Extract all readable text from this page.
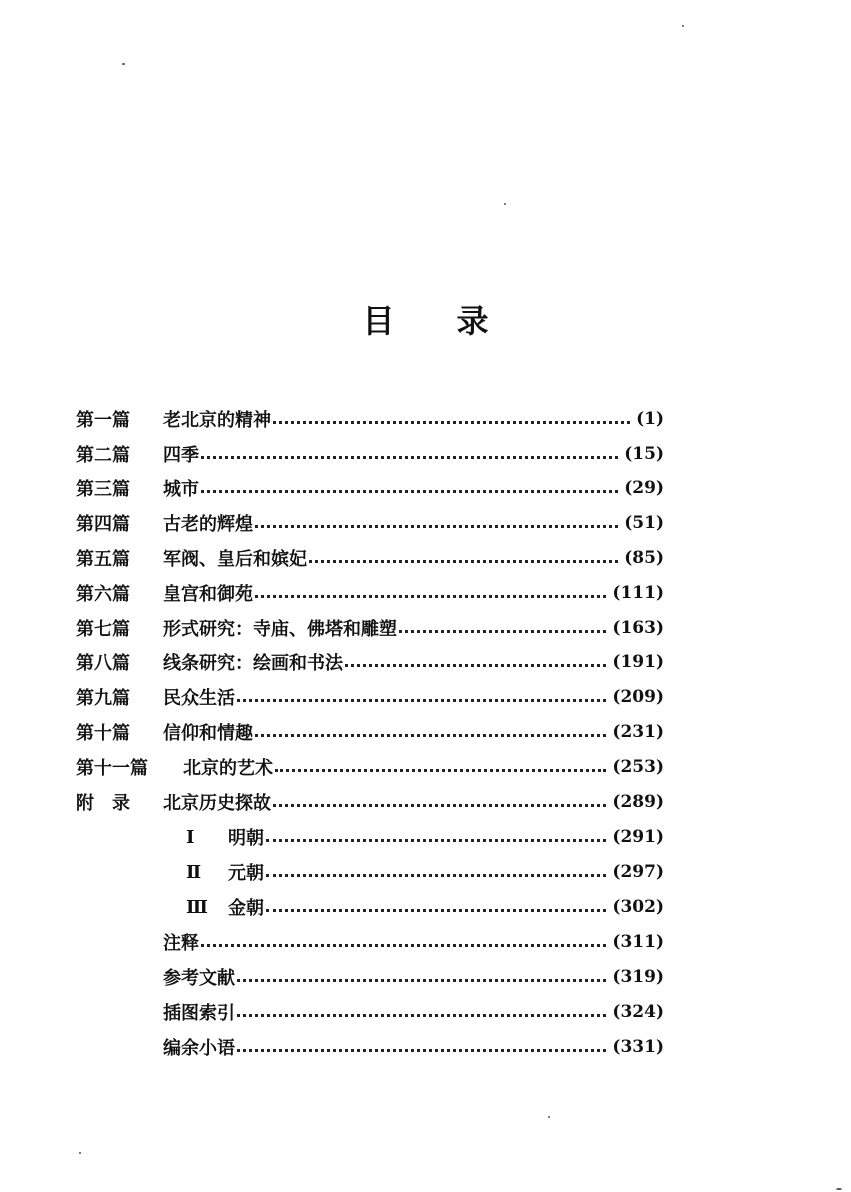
目 录
第一篇	老北京的精神	(1)
第二篇	四季	(15)
第三篇	城市	(29)
第四篇	古老的辉煌	(51)
第五篇	军阀、皇后和嫔妃	(85)
第六篇	皇宫和御苑	(111)
第七篇	形式研究：寺庙、佛塔和雕塑	(163)
第八篇	线条研究：绘画和书法	(191)
第九篇	民众生活	(209)
第十篇	信仰和情趣	(231)
第十一篇	北京的艺术	(253)
附　录	北京历史探故	(289)
Ⅰ	明朝	(291)
Ⅱ	元朝	(297)
Ⅲ	金朝	(302)
注释	(311)
参考文献	(319)
插图索引	(324)
编余小语	(331)
